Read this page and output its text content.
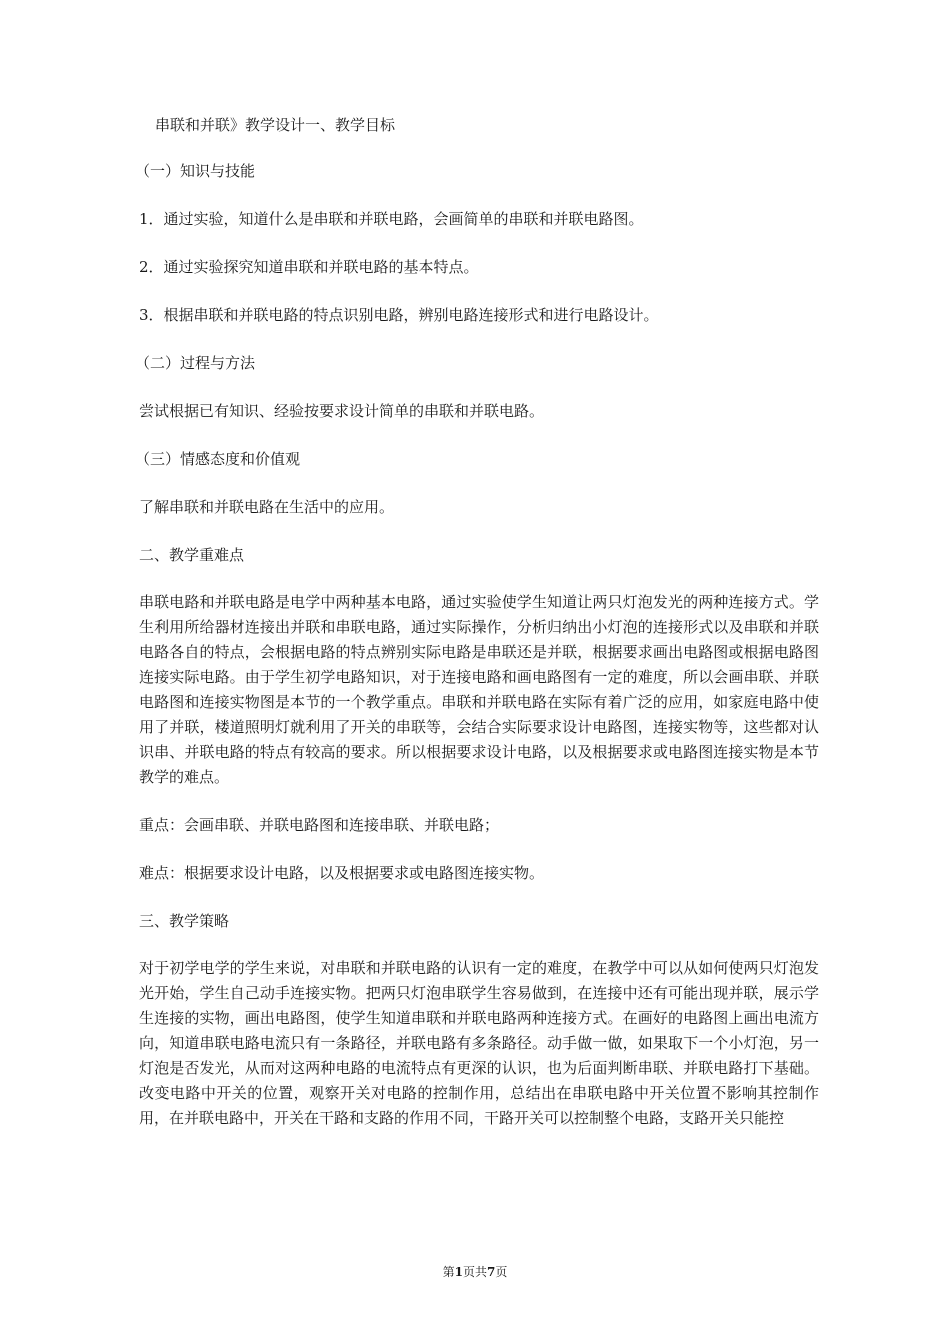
串联和并联》教学设计一、教学目标
（一）知识与技能
1．通过实验，知道什么是串联和并联电路，会画简单的串联和并联电路图。
2．通过实验探究知道串联和并联电路的基本特点。
3．根据串联和并联电路的特点识别电路，辨别电路连接形式和进行电路设计。
（二）过程与方法
尝试根据已有知识、经验按要求设计简单的串联和并联电路。
（三）情感态度和价值观
了解串联和并联电路在生活中的应用。
二、教学重难点
串联电路和并联电路是电学中两种基本电路，通过实验使学生知道让两只灯泡发光的两种连接方式。学生利用所给器材连接出并联和串联电路，通过实际操作，分析归纳出小灯泡的连接形式以及串联和并联电路各自的特点，会根据电路的特点辨别实际电路是串联还是并联，根据要求画出电路图或根据电路图连接实际电路。由于学生初学电路知识，对于连接电路和画电路图有一定的难度，所以会画串联、并联电路图和连接实物图是本节的一个教学重点。串联和并联电路在实际有着广泛的应用，如家庭电路中使用了并联，楼道照明灯就利用了开关的串联等，会结合实际要求设计电路图，连接实物等，这些都对认识串、并联电路的特点有较高的要求。所以根据要求设计电路，以及根据要求或电路图连接实物是本节教学的难点。
重点：会画串联、并联电路图和连接串联、并联电路；
难点：根据要求设计电路，以及根据要求或电路图连接实物。
三、教学策略
对于初学电学的学生来说，对串联和并联电路的认识有一定的难度，在教学中可以从如何使两只灯泡发光开始，学生自己动手连接实物。把两只灯泡串联学生容易做到，在连接中还有可能出现并联，展示学生连接的实物，画出电路图，使学生知道串联和并联电路两种连接方式。在画好的电路图上画出电流方向，知道串联电路电流只有一条路径，并联电路有多条路径。动手做一做，如果取下一个小灯泡，另一灯泡是否发光，从而对这两种电路的电流特点有更深的认识，也为后面判断串联、并联电路打下基础。改变电路中开关的位置，观察开关对电路的控制作用，总结出在串联电路中开关位置不影响其控制作用，在并联电路中，开关在干路和支路的作用不同，干路开关可以控制整个电路，支路开关只能控
第1页共7页
